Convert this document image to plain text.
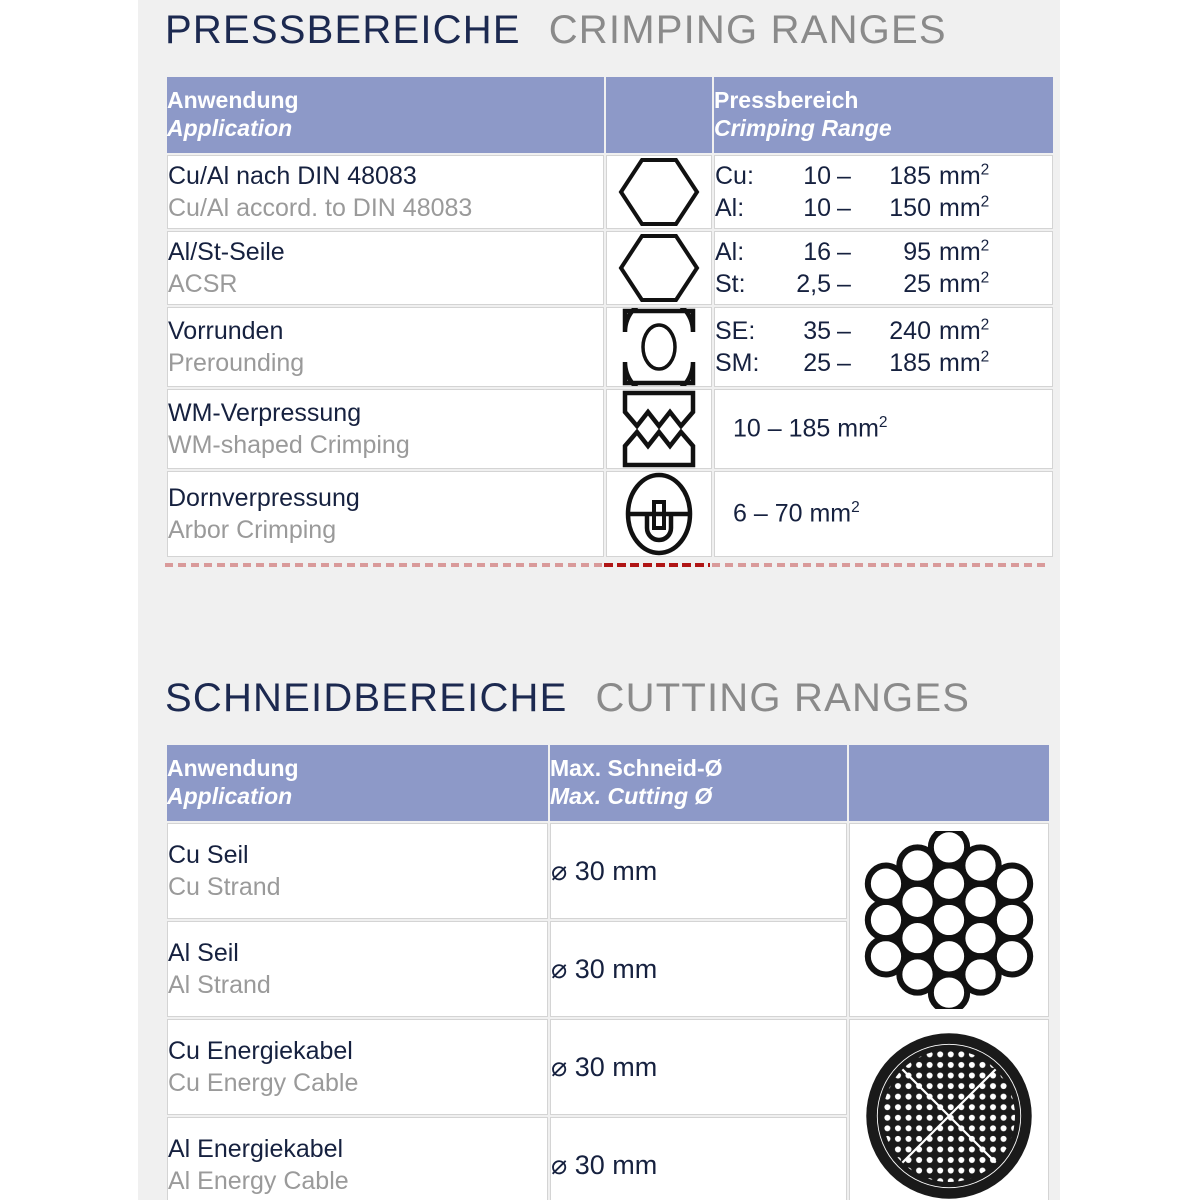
PRESSBEREICHE CRIMPING RANGES
Anwendung
Application		Pressbereich
Crimping Range

Cu/Al nach DIN 48083
Cu/Al accord. to DIN 48083		Cu: 10 – 185 $mm^2$
Al: 10 – 150 $mm^2$

Al/St-Seile
ACSR		Al: 16 – 95 $mm^2$
St: 2,5 – 25 $mm^2$

Vorrunden
Prerounding		SE: 35 – 240 $mm^2$
SM: 25 – 185 $mm^2$

WM-Verpressung
WM-shaped Crimping		10 – 185 $mm^2$

Dornverpressung
Arbor Crimping		6 – 70 $mm^2$
SCHNEIDBEREICHE CUTTING RANGES
Anwendung
Application	Max. Schneid-Ø
Max. Cutting Ø	

Cu Seil
Cu Strand	⌀ 30 mm	

Al Seil
Al Strand	⌀ 30 mm	

Cu Energiekabel
Cu Energy Cable	⌀ 30 mm	

Al Energiekabel
Al Energy Cable	⌀ 30 mm	
